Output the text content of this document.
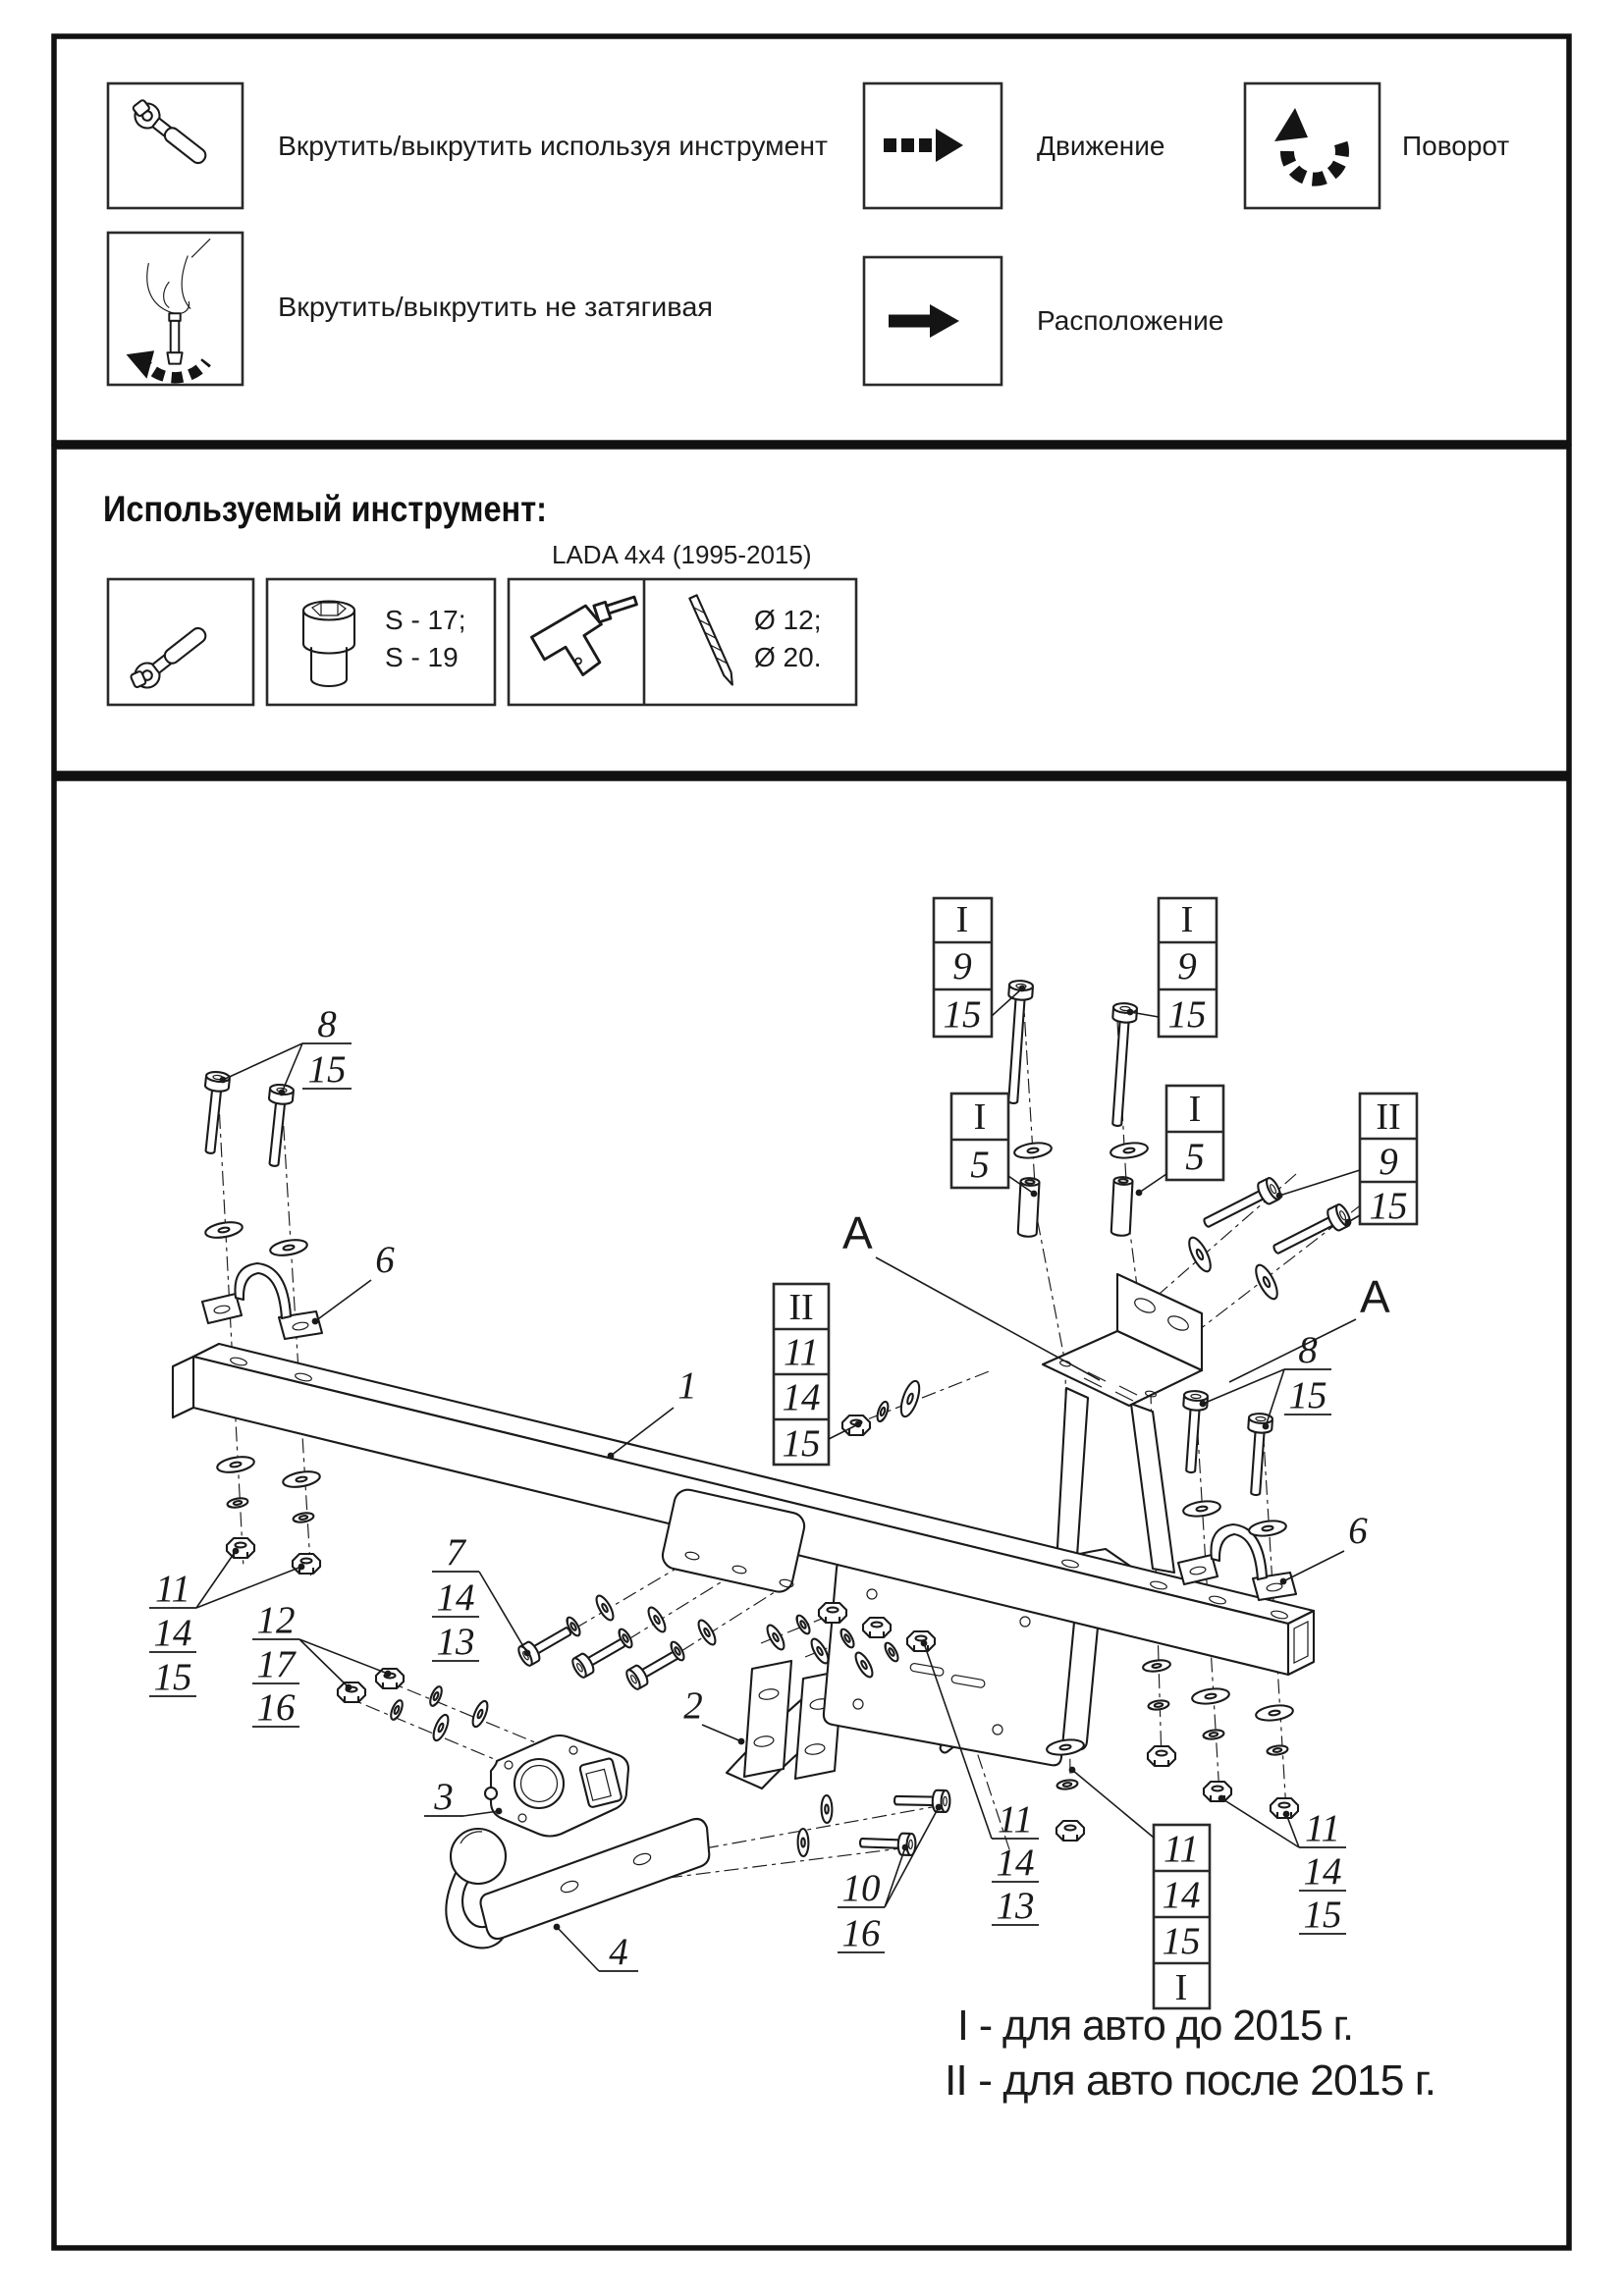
Вкрутить/выкрутить используя инструмент	Движение	Поворот
Вкрутить/выкрутить не затягивая	Расположение
Используемый инструмент:
LADA 4x4 (1995-2015)
S - 17;
S - 19
Ø 12;
Ø 20.
8
15
6
1
7
14
13
11
14
15
12
17
16	2
3
4
10
16
11
14
13
11
14
15
8
15
6
А
А
I
9
15
I
9
15
I
5
I
5
II
9
15
II
11
14
15
11
14
15
I
I - для авто до 2015 г.
II - для авто после 2015 г.
